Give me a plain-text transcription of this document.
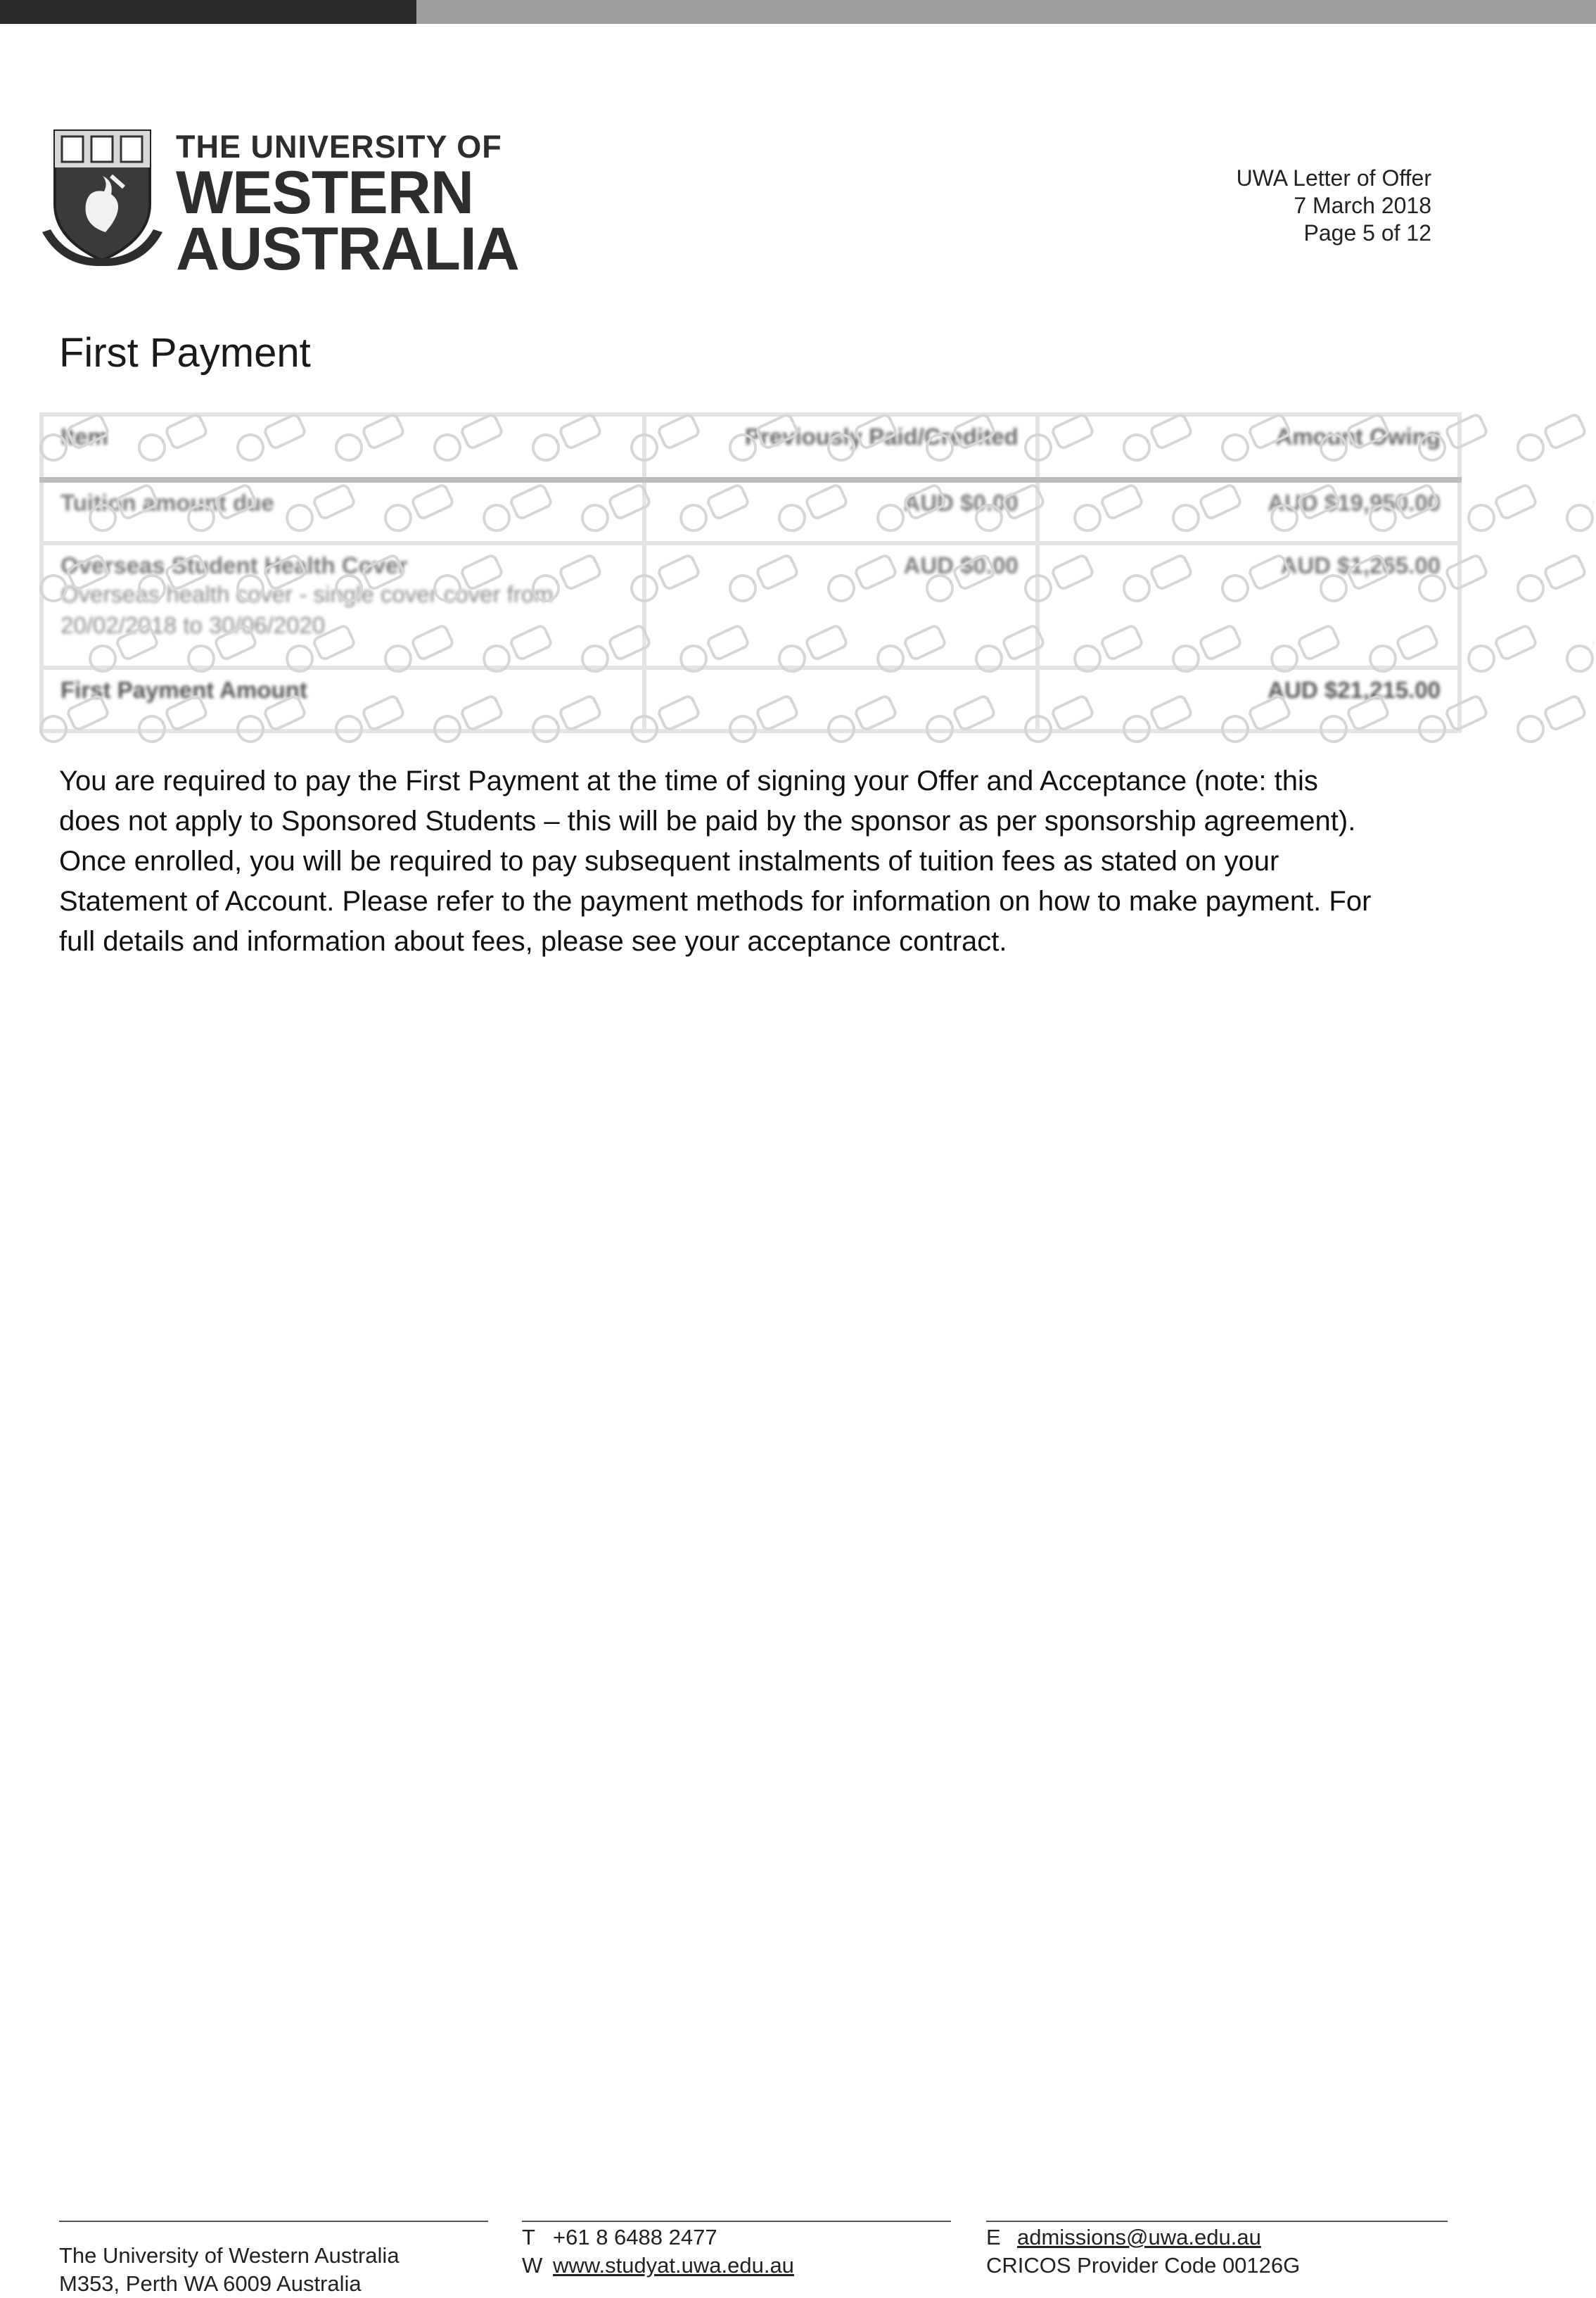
THE UNIVERSITY OF
WESTERN
AUSTRALIA
UWA Letter of Offer
7 March 2018
Page 5 of 12
First Payment
Item	Previously Paid/Credited	Amount Owing
Tuition amount due	AUD $0.00	AUD $19,950.00

Overseas Student Health Cover
Overseas health cover - single cover cover from 20/02/2018 to 30/06/2020	AUD $0.00	AUD $1,265.00
First Payment Amount		AUD $21,215.00
You are required to pay the First Payment at the time of signing your Offer and Acceptance (note: this
does not apply to Sponsored Students – this will be paid by the sponsor as per sponsorship agreement).
Once enrolled, you will be required to pay subsequent instalments of tuition fees as stated on your
Statement of Account. Please refer to the payment methods for information on how to make payment. For
full details and information about fees, please see your acceptance contract.
The University of Western Australia
M353, Perth WA 6009 Australia
T +61 8 6488 2477
W www.studyat.uwa.edu.au
E admissions@uwa.edu.au
CRICOS Provider Code 00126G
